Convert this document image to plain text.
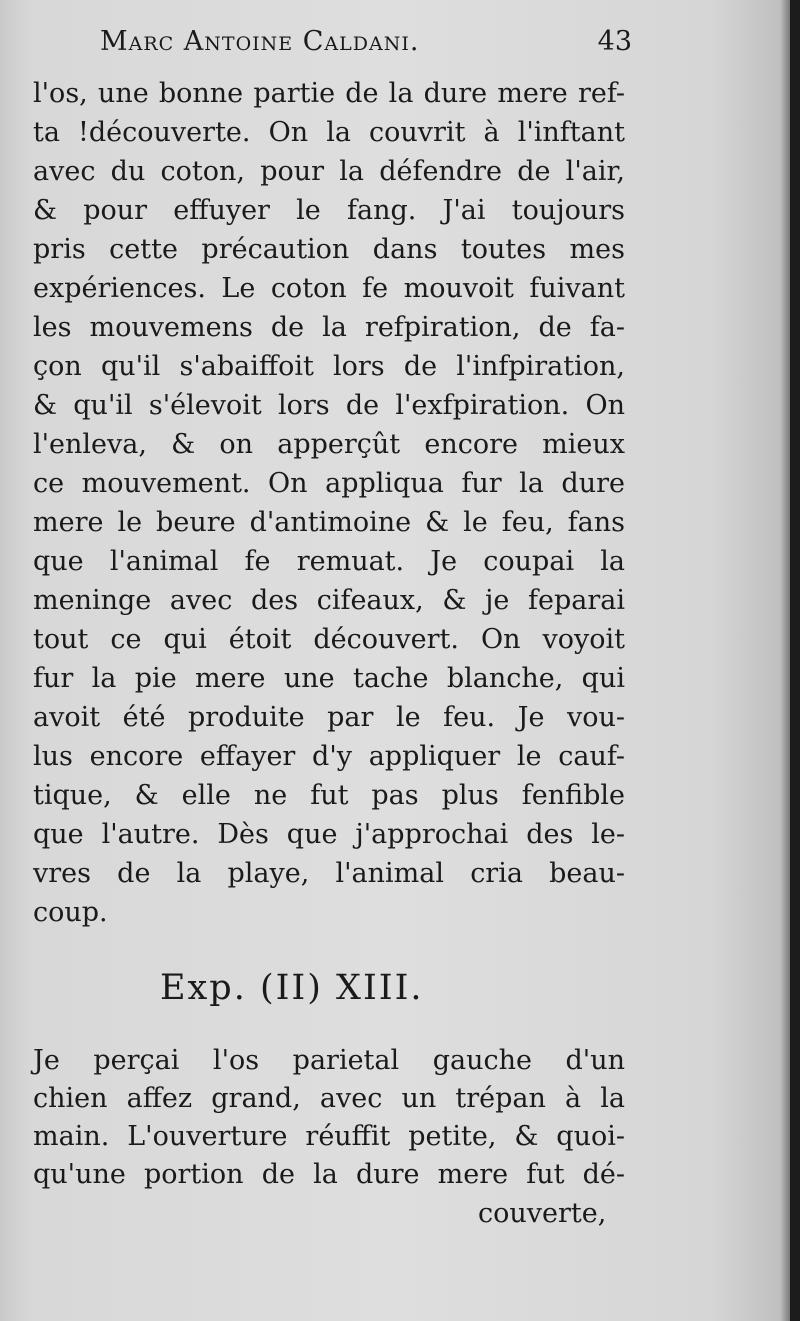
Marc Antoine Caldani.	43
l'os, une bonne partie de la dure mere ref-
ta !découverte. On la couvrit à l'inftant
avec du coton, pour la défendre de l'air,
& pour effuyer le fang. J'ai toujours
pris cette précaution dans toutes mes
expériences. Le coton fe mouvoit fuivant
les mouvemens de la refpiration, de fa-
çon qu'il s'abaiffoit lors de l'infpiration,
& qu'il s'élevoit lors de l'exfpiration. On
l'enleva, & on apperçût encore mieux
ce mouvement. On appliqua fur la dure
mere le beure d'antimoine & le feu, fans
que l'animal fe remuat. Je coupai la
meninge avec des cifeaux, & je feparai
tout ce qui étoit découvert. On voyoit
fur la pie mere une tache blanche, qui
avoit été produite par le feu. Je vou-
lus encore effayer d'y appliquer le cauf-
tique, & elle ne fut pas plus fenfible
que l'autre. Dès que j'approchai des le-
vres de la playe, l'animal cria beau-
coup.
Exp. (II) XIII.
Je perçai l'os parietal gauche d'un
chien affez grand, avec un trépan à la
main. L'ouverture réuffit petite, & quoi-
qu'une portion de la dure mere fut dé-
couverte,
